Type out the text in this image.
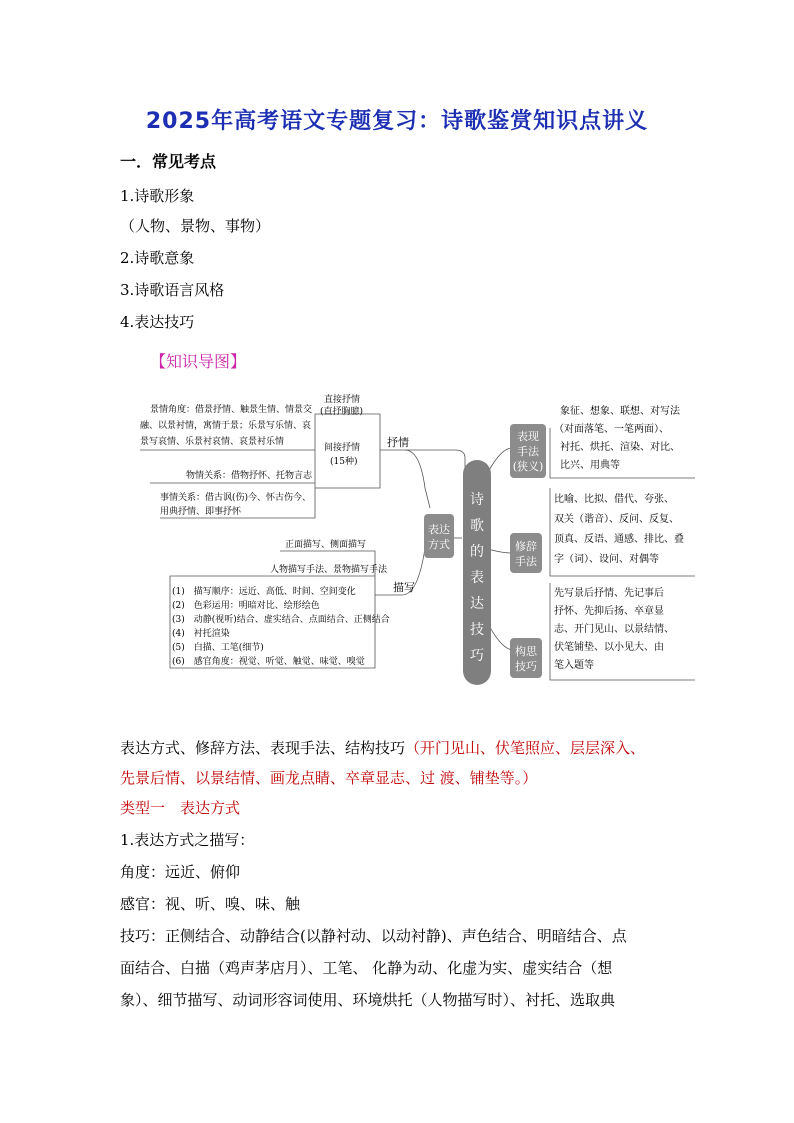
2025年高考语文专题复习：诗歌鉴赏知识点讲义
一．常见考点
1.诗歌形象
（人物、景物、事物）
2.诗歌意象
3.诗歌语言风格
4.表达技巧
【知识导图】
诗
歌
的
表
达
技
巧
表达
方式
表现
手法
(狭义)
修辞
手法
构思
技巧
象征、想象、联想、对写法
（对面落笔、一笔两面）、
衬托、烘托、渲染、对比、
比兴、用典等
比喻、比拟、借代、夸张、
双关（谐音）、反问、反复、
顶真、反语、通感、排比、叠
字（词）、设问、对偶等
先写景后抒情、先记事后
抒怀、先抑后扬、卒章显
志、开门见山、以景结情、
伏笔铺垫、以小见大、由
笔入题等
抒情
描写
直接抒情
(直抒胸臆)
间接抒情
(15种)
景情角度：借景抒情、触景生情、情景交
融、以景衬情，寓情于景；乐景写乐情、哀
景写哀情、乐景衬哀情、哀景衬乐情
物情关系：借物抒怀、托物言志
事情关系：借古讽(伤)今、怀古伤今、
用典抒情、即事抒怀
正面描写、侧面描写
人物描写手法、景物描写手法
(1)　描写顺序：远近、高低、时间、空间变化
(2)　色彩运用：明暗对比、绘形绘色
(3)　动静(视听)结合、虚实结合、点面结合、正侧结合
(4)　衬托渲染
(5)　白描、工笔(细节)
(6)　感官角度：视觉、听觉、触觉、味觉、嗅觉
表达方式、修辞方法、表现手法、结构技巧（开门见山、伏笔照应、层层深入、
先景后情、以景结情、画龙点睛、卒章显志、过 渡、铺垫等。）
类型一　表达方式
1.表达方式之描写：
角度：远近、俯仰
感官：视、听、嗅、味、触
技巧：正侧结合、动静结合(以静衬动、以动衬静)、声色结合、明暗结合、点
面结合、白描（鸡声茅店月）、工笔、 化静为动、化虚为实、虚实结合（想
象）、细节描写、动词形容词使用、环境烘托（人物描写时）、衬托、选取典
